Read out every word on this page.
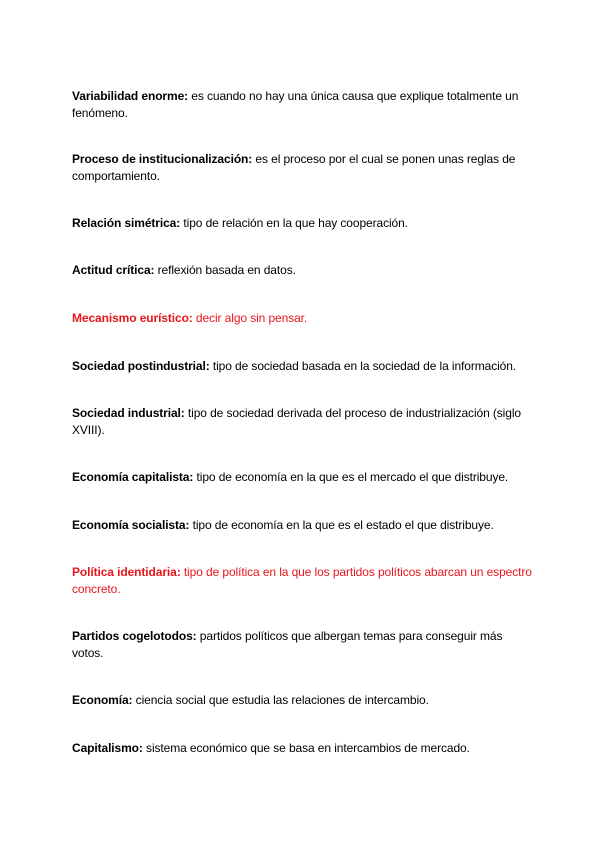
Variabilidad enorme: es cuando no hay una única causa que explique totalmente un fenómeno.

Proceso de institucionalización: es el proceso por el cual se ponen unas reglas de comportamiento.

Relación simétrica: tipo de relación en la que hay cooperación.

Actitud crítica: reflexión basada en datos.

Mecanismo eurístico: decir algo sin pensar.

Sociedad postindustrial: tipo de sociedad basada en la sociedad de la información.

Sociedad industrial: tipo de sociedad derivada del proceso de industrialización (siglo XVIII).

Economía capitalista: tipo de economía en la que es el mercado el que distribuye.

Economía socialista: tipo de economía en la que es el estado el que distribuye.

Política identidaria: tipo de política en la que los partidos políticos abarcan un espectro concreto.

Partidos cogelotodos: partidos políticos que albergan temas para conseguir más votos.

Economía: ciencia social que estudia las relaciones de intercambio.

Capitalismo: sistema económico que se basa en intercambios de mercado.
